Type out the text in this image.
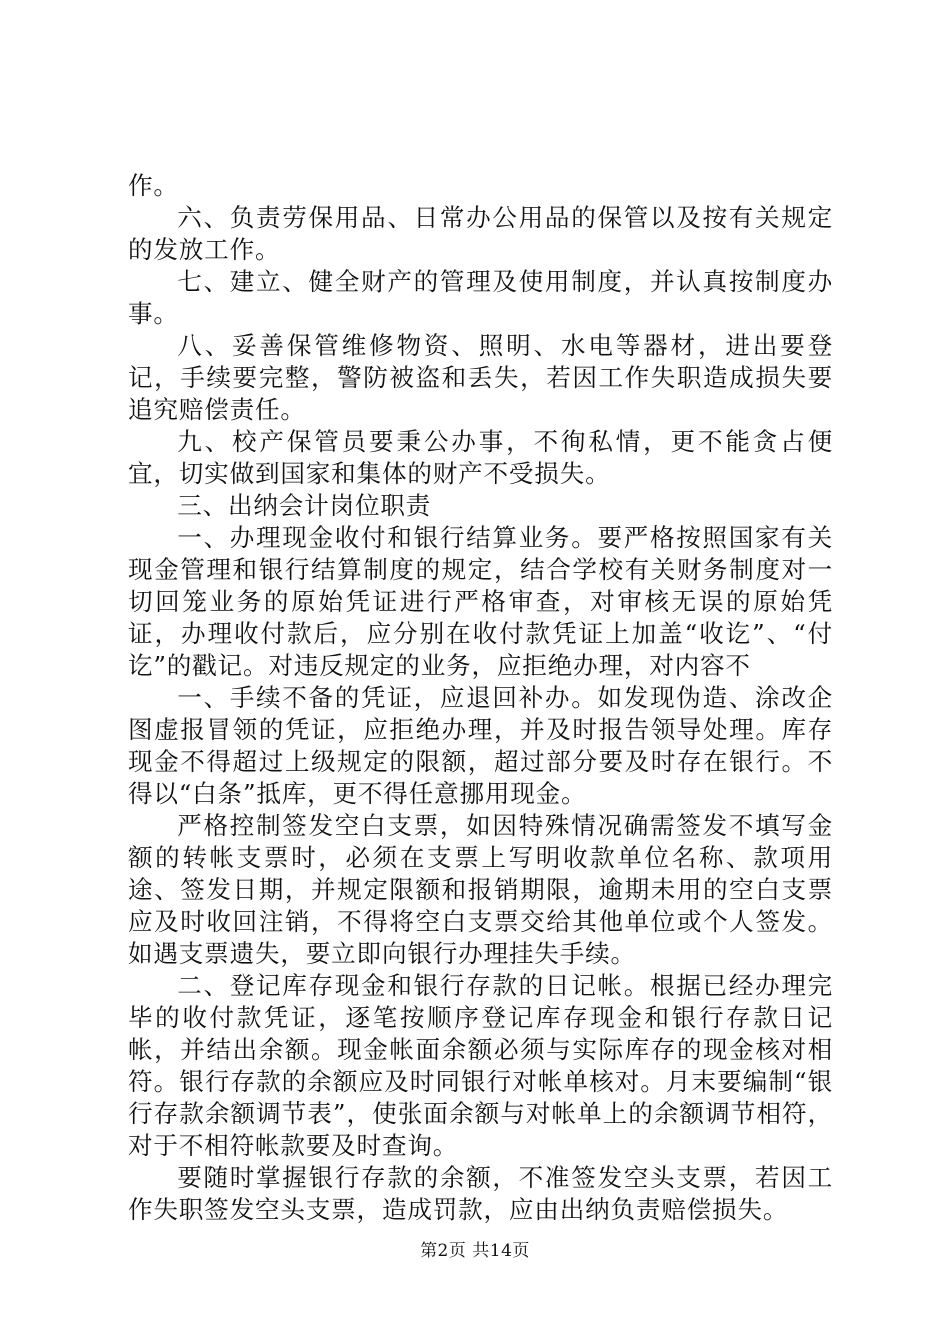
作。

六、负责劳保用品、日常办公用品的保管以及按有关规定的发放工作。

七、建立、健全财产的管理及使用制度，并认真按制度办事。

八、妥善保管维修物资、照明、水电等器材，进出要登记，手续要完整，警防被盗和丢失，若因工作失职造成损失要追究赔偿责任。

九、校产保管员要秉公办事，不徇私情，更不能贪占便宜，切实做到国家和集体的财产不受损失。

三、出纳会计岗位职责

一、办理现金收付和银行结算业务。要严格按照国家有关现金管理和银行结算制度的规定，结合学校有关财务制度对一切回笼业务的原始凭证进行严格审查，对审核无误的原始凭证，办理收付款后，应分别在收付款凭证上加盖“收讫”、“付讫”的戳记。对违反规定的业务，应拒绝办理，对内容不

一、手续不备的凭证，应退回补办。如发现伪造、涂改企图虚报冒领的凭证，应拒绝办理，并及时报告领导处理。库存现金不得超过上级规定的限额，超过部分要及时存在银行。不得以“白条”抵库，更不得任意挪用现金。

严格控制签发空白支票，如因特殊情况确需签发不填写金额的转帐支票时，必须在支票上写明收款单位名称、款项用途、签发日期，并规定限额和报销期限，逾期未用的空白支票应及时收回注销，不得将空白支票交给其他单位或个人签发。如遇支票遗失，要立即向银行办理挂失手续。

二、登记库存现金和银行存款的日记帐。根据已经办理完毕的收付款凭证，逐笔按顺序登记库存现金和银行存款日记帐，并结出余额。现金帐面余额必须与实际库存的现金核对相符。银行存款的余额应及时同银行对帐单核对。月末要编制“银行存款余额调节表”，使张面余额与对帐单上的余额调节相符，对于不相符帐款要及时查询。

要随时掌握银行存款的余额，不准签发空头支票，若因工作失职签发空头支票，造成罚款，应由出纳负责赔偿损失。

第2页 共14页
